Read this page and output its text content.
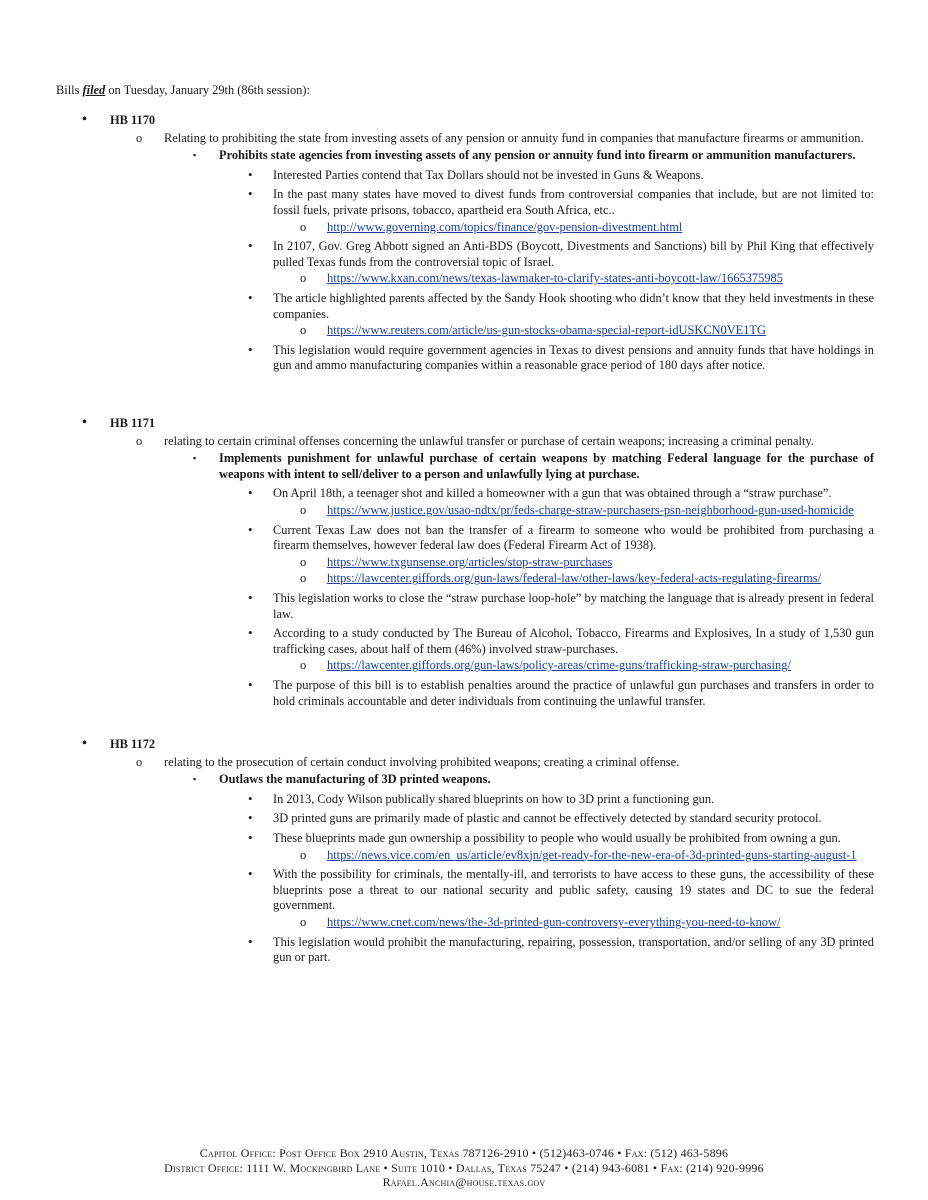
Bills filed on Tuesday, January 29th (86th session):
• HB 1170
o Relating to prohibiting the state from investing assets of any pension or annuity fund in companies that manufacture firearms or ammunition.
▪ Prohibits state agencies from investing assets of any pension or annuity fund into firearm or ammunition manufacturers.
• Interested Parties contend that Tax Dollars should not be invested in Guns & Weapons.
• In the past many states have moved to divest funds from controversial companies that include, but are not limited to: fossil fuels, private prisons, tobacco, apartheid era South Africa, etc..
o http://www.governing.com/topics/finance/gov-pension-divestment.html
• In 2107, Gov. Greg Abbott signed an Anti-BDS (Boycott, Divestments and Sanctions) bill by Phil King that effectively pulled Texas funds from the controversial topic of Israel.
o https://www.kxan.com/news/texas-lawmaker-to-clarify-states-anti-boycott-law/1665375985
• The article highlighted parents affected by the Sandy Hook shooting who didn’t know that they held investments in these companies.
o https://www.reuters.com/article/us-gun-stocks-obama-special-report-idUSKCN0VE1TG
• This legislation would require government agencies in Texas to divest pensions and annuity funds that have holdings in gun and ammo manufacturing companies within a reasonable grace period of 180 days after notice.
• HB 1171
o relating to certain criminal offenses concerning the unlawful transfer or purchase of certain weapons; increasing a criminal penalty.
▪ Implements punishment for unlawful purchase of certain weapons by matching Federal language for the purchase of weapons with intent to sell/deliver to a person and unlawfully lying at purchase.
• On April 18th, a teenager shot and killed a homeowner with a gun that was obtained through a “straw purchase”.
o https://www.justice.gov/usao-ndtx/pr/feds-charge-straw-purchasers-psn-neighborhood-gun-used-homicide
• Current Texas Law does not ban the transfer of a firearm to someone who would be prohibited from purchasing a firearm themselves, however federal law does (Federal Firearm Act of 1938).
o https://www.txgunsense.org/articles/stop-straw-purchases
o https://lawcenter.giffords.org/gun-laws/federal-law/other-laws/key-federal-acts-regulating-firearms/
• This legislation works to close the “straw purchase loop-hole” by matching the language that is already present in federal law.
• According to a study conducted by The Bureau of Alcohol, Tobacco, Firearms and Explosives, In a study of 1,530 gun trafficking cases, about half of them (46%) involved straw-purchases.
o https://lawcenter.giffords.org/gun-laws/policy-areas/crime-guns/trafficking-straw-purchasing/
• The purpose of this bill is to establish penalties around the practice of unlawful gun purchases and transfers in order to hold criminals accountable and deter individuals from continuing the unlawful transfer.
• HB 1172
o relating to the prosecution of certain conduct involving prohibited weapons; creating a criminal offense.
▪ Outlaws the manufacturing of 3D printed weapons.
• In 2013, Cody Wilson publically shared blueprints on how to 3D print a functioning gun.
• 3D printed guns are primarily made of plastic and cannot be effectively detected by standard security protocol.
• These blueprints made gun ownership a possibility to people who would usually be prohibited from owning a gun.
o https://news.vice.com/en_us/article/ev8xjn/get-ready-for-the-new-era-of-3d-printed-guns-starting-august-1
• With the possibility for criminals, the mentally-ill, and terrorists to have access to these guns, the accessibility of these blueprints pose a threat to our national security and public safety, causing 19 states and DC to sue the federal government.
o https://www.cnet.com/news/the-3d-printed-gun-controversy-everything-you-need-to-know/
• This legislation would prohibit the manufacturing, repairing, possession, transportation, and/or selling of any 3D printed gun or part.
Capitol Office: Post Office Box 2910 Austin, Texas 787126-2910 • (512)463-0746 • Fax: (512) 463-5896
District Office: 1111 W. Mockingbird Lane • Suite 1010 • Dallas, Texas 75247 • (214) 943-6081 • Fax: (214) 920-9996
Rafael.Anchia@house.texas.gov
